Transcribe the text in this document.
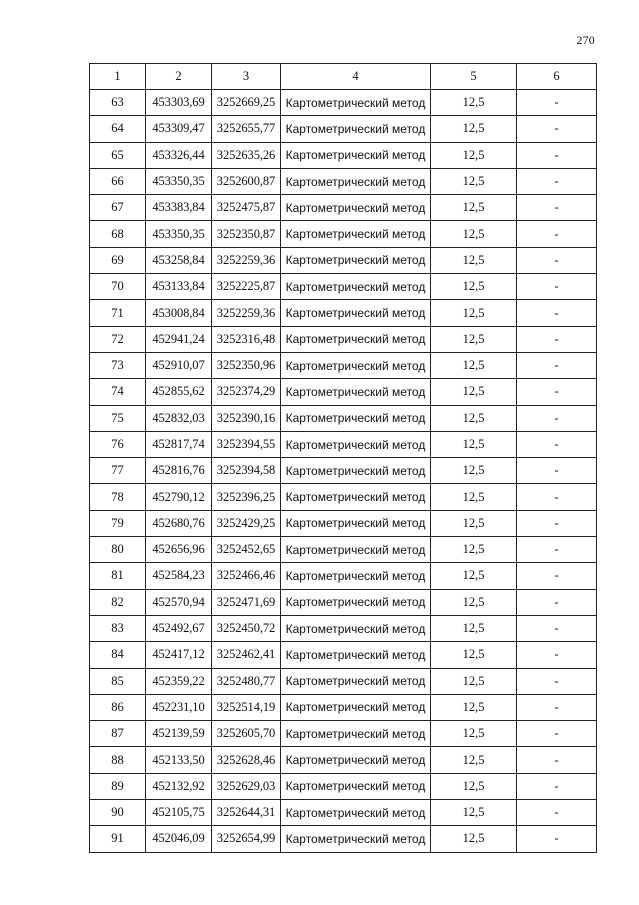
270
1	2	3	4	5	6
63	453303,69	3252669,25	Картометрический метод	12,5	-
64	453309,47	3252655,77	Картометрический метод	12,5	-
65	453326,44	3252635,26	Картометрический метод	12,5	-
66	453350,35	3252600,87	Картометрический метод	12,5	-
67	453383,84	3252475,87	Картометрический метод	12,5	-
68	453350,35	3252350,87	Картометрический метод	12,5	-
69	453258,84	3252259,36	Картометрический метод	12,5	-
70	453133,84	3252225,87	Картометрический метод	12,5	-
71	453008,84	3252259,36	Картометрический метод	12,5	-
72	452941,24	3252316,48	Картометрический метод	12,5	-
73	452910,07	3252350,96	Картометрический метод	12,5	-
74	452855,62	3252374,29	Картометрический метод	12,5	-
75	452832,03	3252390,16	Картометрический метод	12,5	-
76	452817,74	3252394,55	Картометрический метод	12,5	-
77	452816,76	3252394,58	Картометрический метод	12,5	-
78	452790,12	3252396,25	Картометрический метод	12,5	-
79	452680,76	3252429,25	Картометрический метод	12,5	-
80	452656,96	3252452,65	Картометрический метод	12,5	-
81	452584,23	3252466,46	Картометрический метод	12,5	-
82	452570,94	3252471,69	Картометрический метод	12,5	-
83	452492,67	3252450,72	Картометрический метод	12,5	-
84	452417,12	3252462,41	Картометрический метод	12,5	-
85	452359,22	3252480,77	Картометрический метод	12,5	-
86	452231,10	3252514,19	Картометрический метод	12,5	-
87	452139,59	3252605,70	Картометрический метод	12,5	-
88	452133,50	3252628,46	Картометрический метод	12,5	-
89	452132,92	3252629,03	Картометрический метод	12,5	-
90	452105,75	3252644,31	Картометрический метод	12,5	-
91	452046,09	3252654,99	Картометрический метод	12,5	-
